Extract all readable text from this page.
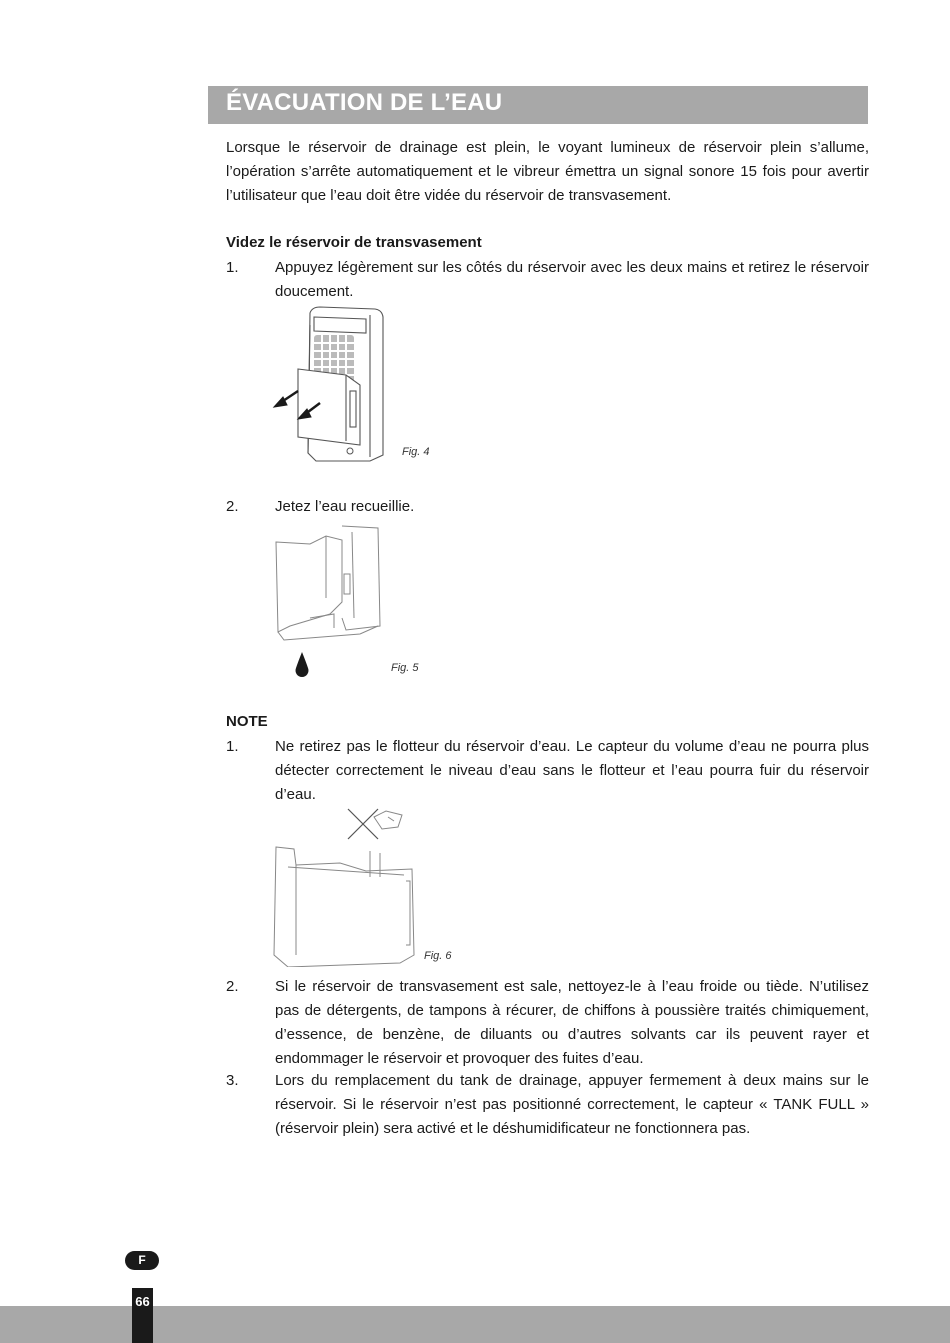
ÉVACUATION DE L’EAU

Lorsque le réservoir de drainage est plein, le voyant lumineux de réservoir plein s’allume, l’opération s’arrête automatiquement et le vibreur émettra un signal sonore 15 fois pour avertir l’utilisateur que l’eau doit être vidée du réservoir de transvasement.

Videz le réservoir de transvasement

1. Appuyez légèrement sur les côtés du réservoir avec les deux mains et retirez le réservoir doucement.
Fig. 4
2. Jetez l’eau recueillie.
Fig. 5

NOTE

1. Ne retirez pas le flotteur du réservoir d’eau. Le capteur du volume d’eau ne pourra plus détecter correctement le niveau d’eau sans le flotteur et l’eau pourra fuir du réservoir d’eau.
Fig. 6
2. Si le réservoir de transvasement est sale, nettoyez-le à l’eau froide ou tiède. N’utilisez pas de détergents, de tampons à récurer, de chiffons à poussière traités chimiquement, d’essence, de benzène, de diluants ou d’autres solvants car ils peuvent rayer et endommager le réservoir et provoquer des fuites d’eau.
3. Lors du remplacement du tank de drainage, appuyer fermement à deux mains sur le réservoir. Si le réservoir n’est pas positionné correctement, le capteur « TANK FULL » (réservoir plein) sera activé et le déshumidificateur ne fonctionnera pas.
F
66
